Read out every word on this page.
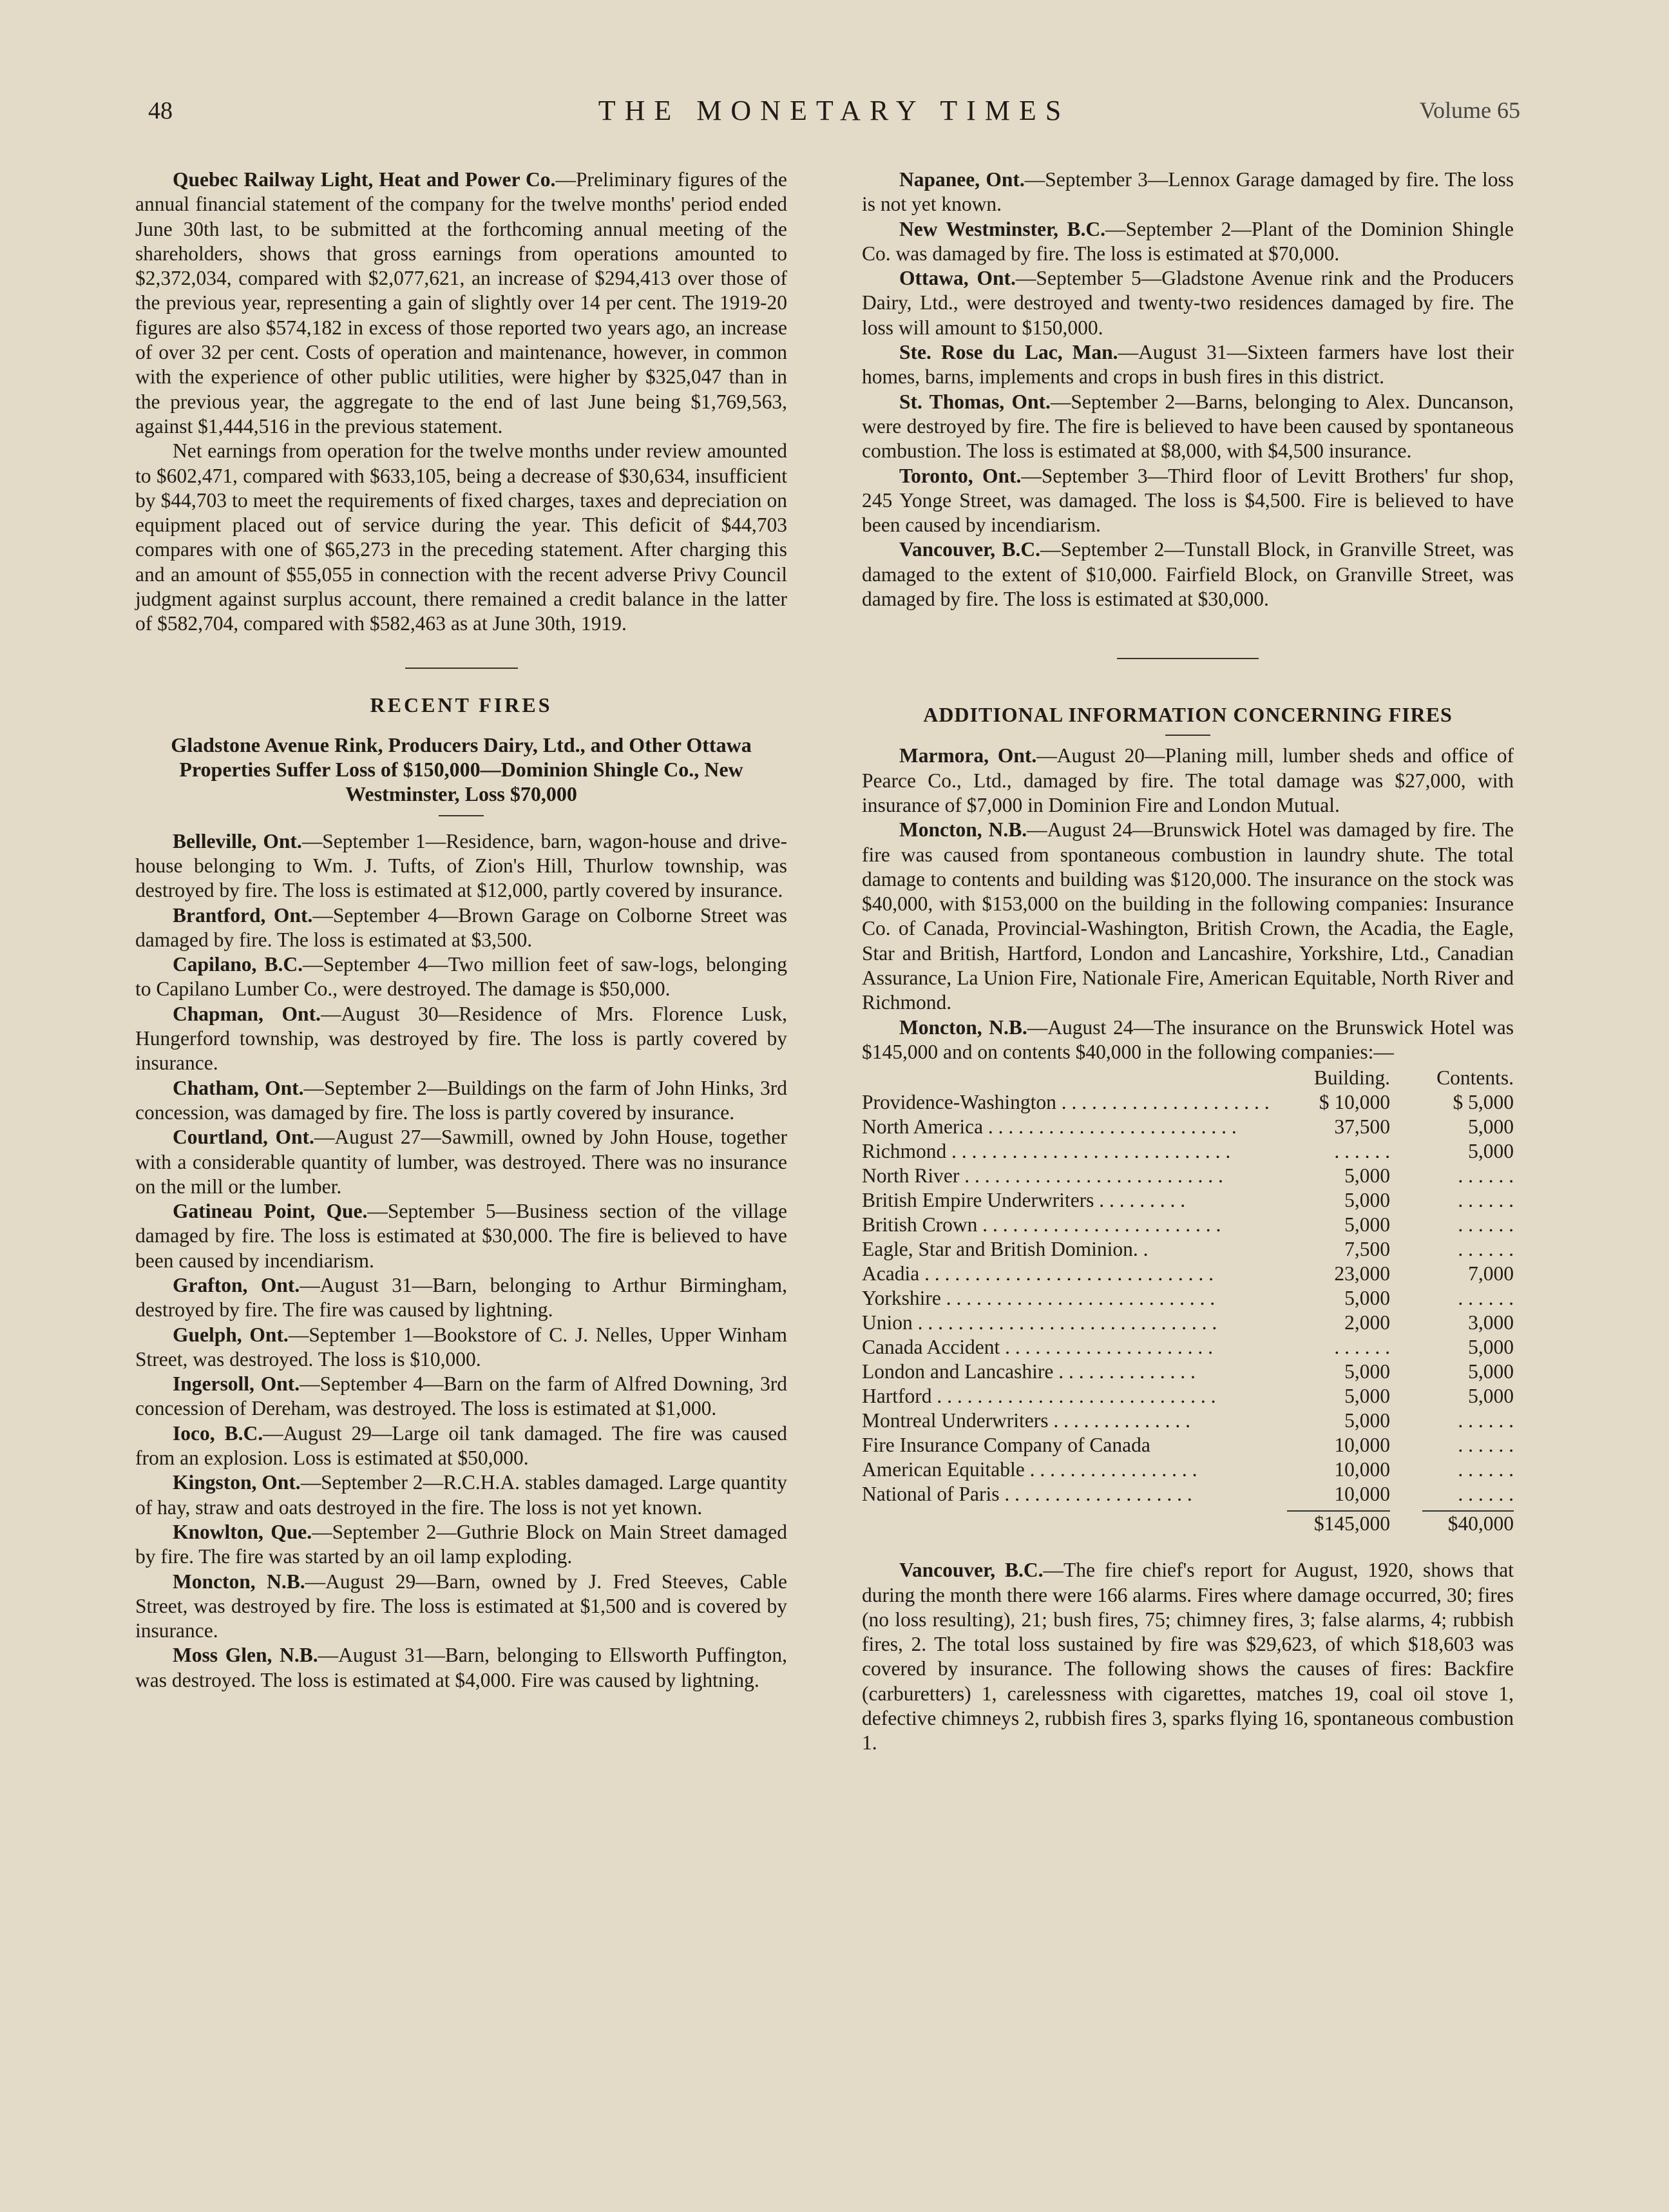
48	THE MONETARY TIMES	Volume 65

Quebec Railway Light, Heat and Power Co.—Preliminary figures of the annual financial statement of the company for the twelve months' period ended June 30th last, to be submitted at the forthcoming annual meeting of the shareholders, shows that gross earnings from operations amounted to $2,372,034, compared with $2,077,621, an increase of $294,413 over those of the previous year, representing a gain of slightly over 14 per cent. The 1919-20 figures are also $574,182 in excess of those reported two years ago, an increase of over 32 per cent. Costs of operation and maintenance, however, in common with the experience of other public utilities, were higher by $325,047 than in the previous year, the aggregate to the end of last June being $1,769,563, against $1,444,516 in the previous statement.

Net earnings from operation for the twelve months under review amounted to $602,471, compared with $633,105, being a decrease of $30,634, insufficient by $44,703 to meet the requirements of fixed charges, taxes and depreciation on equipment placed out of service during the year. This deficit of $44,703 compares with one of $65,273 in the preceding statement. After charging this and an amount of $55,055 in connection with the recent adverse Privy Council judgment against surplus account, there remained a credit balance in the latter of $582,704, compared with $582,463 as at June 30th, 1919.

RECENT FIRES
Gladstone Avenue Rink, Producers Dairy, Ltd., and Other Ottawa Properties Suffer Loss of $150,000—Dominion Shingle Co., New Westminster, Loss $70,000

Belleville, Ont.—September 1—Residence, barn, wagon-house and drive-house belonging to Wm. J. Tufts, of Zion's Hill, Thurlow township, was destroyed by fire. The loss is estimated at $12,000, partly covered by insurance.

Brantford, Ont.—September 4—Brown Garage on Colborne Street was damaged by fire. The loss is estimated at $3,500.

Capilano, B.C.—September 4—Two million feet of saw-logs, belonging to Capilano Lumber Co., were destroyed. The damage is $50,000.

Chapman, Ont.—August 30—Residence of Mrs. Florence Lusk, Hungerford township, was destroyed by fire. The loss is partly covered by insurance.

Chatham, Ont.—September 2—Buildings on the farm of John Hinks, 3rd concession, was damaged by fire. The loss is partly covered by insurance.

Courtland, Ont.—August 27—Sawmill, owned by John House, together with a considerable quantity of lumber, was destroyed. There was no insurance on the mill or the lumber.

Gatineau Point, Que.—September 5—Business section of the village damaged by fire. The loss is estimated at $30,000. The fire is believed to have been caused by incendiarism.

Grafton, Ont.—August 31—Barn, belonging to Arthur Birmingham, destroyed by fire. The fire was caused by lightning.

Guelph, Ont.—September 1—Bookstore of C. J. Nelles, Upper Winham Street, was destroyed. The loss is $10,000.

Ingersoll, Ont.—September 4—Barn on the farm of Alfred Downing, 3rd concession of Dereham, was destroyed. The loss is estimated at $1,000.

Ioco, B.C.—August 29—Large oil tank damaged. The fire was caused from an explosion. Loss is estimated at $50,000.

Kingston, Ont.—September 2—R.C.H.A. stables damaged. Large quantity of hay, straw and oats destroyed in the fire. The loss is not yet known.

Knowlton, Que.—September 2—Guthrie Block on Main Street damaged by fire. The fire was started by an oil lamp exploding.

Moncton, N.B.—August 29—Barn, owned by J. Fred Steeves, Cable Street, was destroyed by fire. The loss is estimated at $1,500 and is covered by insurance.

Moss Glen, N.B.—August 31—Barn, belonging to Ellsworth Puffington, was destroyed. The loss is estimated at $4,000. Fire was caused by lightning.

Napanee, Ont.—September 3—Lennox Garage damaged by fire. The loss is not yet known.

New Westminster, B.C.—September 2—Plant of the Dominion Shingle Co. was damaged by fire. The loss is estimated at $70,000.

Ottawa, Ont.—September 5—Gladstone Avenue rink and the Producers Dairy, Ltd., were destroyed and twenty-two residences damaged by fire. The loss will amount to $150,000.

Ste. Rose du Lac, Man.—August 31—Sixteen farmers have lost their homes, barns, implements and crops in bush fires in this district.

St. Thomas, Ont.—September 2—Barns, belonging to Alex. Duncanson, were destroyed by fire. The fire is believed to have been caused by spontaneous combustion. The loss is estimated at $8,000, with $4,500 insurance.

Toronto, Ont.—September 3—Third floor of Levitt Brothers' fur shop, 245 Yonge Street, was damaged. The loss is $4,500. Fire is believed to have been caused by incendiarism.

Vancouver, B.C.—September 2—Tunstall Block, in Granville Street, was damaged to the extent of $10,000. Fairfield Block, on Granville Street, was damaged by fire. The loss is estimated at $30,000.

ADDITIONAL INFORMATION CONCERNING FIRES

Marmora, Ont.—August 20—Planing mill, lumber sheds and office of Pearce Co., Ltd., damaged by fire. The total damage was $27,000, with insurance of $7,000 in Dominion Fire and London Mutual.

Moncton, N.B.—August 24—Brunswick Hotel was damaged by fire. The fire was caused from spontaneous combustion in laundry shute. The total damage to contents and building was $120,000. The insurance on the stock was $40,000, with $153,000 on the building in the following companies: Insurance Co. of Canada, Provincial-Washington, British Crown, the Acadia, the Eagle, Star and British, Hartford, London and Lancashire, Yorkshire, Ltd., Canadian Assurance, La Union Fire, Nationale Fire, American Equitable, North River and Richmond.

Moncton, N.B.—August 24—The insurance on the Brunswick Hotel was $145,000 and on contents $40,000 in the following companies:—

	Building.	Contents.
Providence-Washington . . . . . . . . . . . . . . . . . . . . .	$ 10,000	$ 5,000
North America . . . . . . . . . . . . . . . . . . . . . . . . .	37,500	5,000
Richmond . . . . . . . . . . . . . . . . . . . . . . . . . . . .	. . . . . .	5,000
North River . . . . . . . . . . . . . . . . . . . . . . . . . .	5,000	. . . . . .
British Empire Underwriters . . . . . . . . .	5,000	. . . . . .
British Crown . . . . . . . . . . . . . . . . . . . . . . . .	5,000	. . . . . .
Eagle, Star and British Dominion. .	7,500	. . . . . .
Acadia . . . . . . . . . . . . . . . . . . . . . . . . . . . . .	23,000	7,000
Yorkshire . . . . . . . . . . . . . . . . . . . . . . . . . . .	5,000	. . . . . .
Union . . . . . . . . . . . . . . . . . . . . . . . . . . . . . .	2,000	3,000
Canada Accident . . . . . . . . . . . . . . . . . . . . .	. . . . . .	5,000
London and Lancashire . . . . . . . . . . . . . .	5,000	5,000
Hartford . . . . . . . . . . . . . . . . . . . . . . . . . . . .	5,000	5,000
Montreal Underwriters . . . . . . . . . . . . . .	5,000	. . . . . .
Fire Insurance Company of Canada	10,000	. . . . . .
American Equitable . . . . . . . . . . . . . . . . .	10,000	. . . . . .
National of Paris . . . . . . . . . . . . . . . . . . .	10,000	. . . . . .

$145,000	$40,000

Vancouver, B.C.—The fire chief's report for August, 1920, shows that during the month there were 166 alarms. Fires where damage occurred, 30; fires (no loss resulting), 21; bush fires, 75; chimney fires, 3; false alarms, 4; rubbish fires, 2. The total loss sustained by fire was $29,623, of which $18,603 was covered by insurance. The following shows the causes of fires: Backfire (carburetters) 1, carelessness with cigarettes, matches 19, coal oil stove 1, defective chimneys 2, rubbish fires 3, sparks flying 16, spontaneous combustion 1.
